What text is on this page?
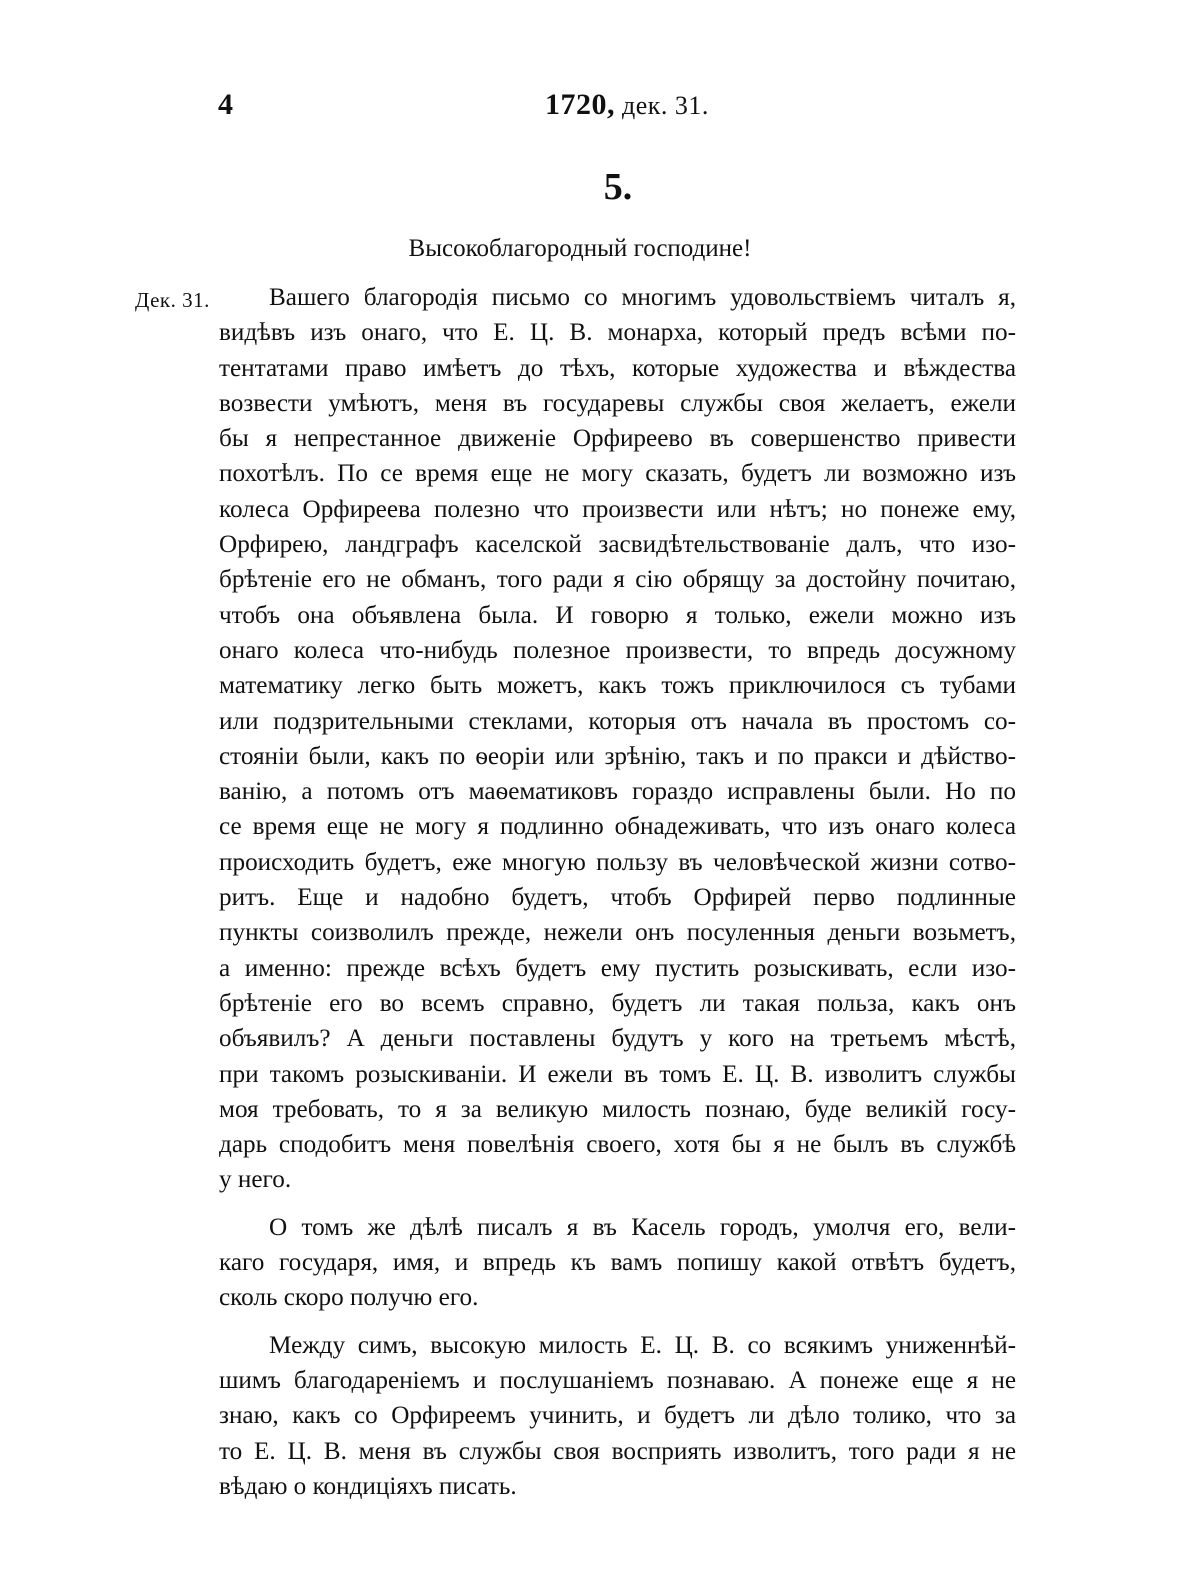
4	1720, дек. 31.
5.
Высокоблагородный господине!
Дек. 31.	Вашего благородія письмо со многимъ удовольствіемъ читалъ я,
видѣвъ изъ онаго, что Е. Ц. В. монарха, который предъ всѣми по-
тентатами право имѣетъ до тѣхъ, которые художества и вѣждества
возвести умѣютъ, меня въ государевы службы своя желаетъ, ежели
бы я непрестанное движеніе Орфиреево въ совершенство привести
похотѣлъ. По се время еще не могу сказать, будетъ ли возможно изъ
колеса Орфиреева полезно что произвести или нѣтъ; но понеже ему,
Орфирею, ландграфъ каселской засвидѣтельствованіе далъ, что изо-
брѣтеніе его не обманъ, того ради я сію обрящу за достойну почитаю,
чтобъ она объявлена была. И говорю я только, ежели можно изъ
онаго колеса что-нибудь полезное произвести, то впредь досужному
математику легко быть можетъ, какъ тожъ приключилося съ тубами
или подзрительными стеклами, которыя отъ начала въ простомъ со-
стояніи были, какъ по ѳеоріи или зрѣнію, такъ и по пракси и дѣйство-
ванію, а потомъ отъ маѳематиковъ гораздо исправлены были. Но по
се время еще не могу я подлинно обнадеживать, что изъ онаго колеса
происходить будетъ, еже многую пользу въ человѣческой жизни сотво-
ритъ. Еще и надобно будетъ, чтобъ Орфирей перво подлинные
пункты соизволилъ прежде, нежели онъ посуленныя деньги возьметъ,
а именно: прежде всѣхъ будетъ ему пустить розыскивать, если изо-
брѣтеніе его во всемъ справно, будетъ ли такая польза, какъ онъ
объявилъ? А деньги поставлены будутъ у кого на третьемъ мѣстѣ,
при такомъ розыскиваніи. И ежели въ томъ Е. Ц. В. изволитъ службы
моя требовать, то я за великую милость познаю, буде великій госу-
дарь сподобитъ меня повелѣнія своего, хотя бы я не былъ въ службѣ
у него.
О томъ же дѣлѣ писалъ я въ Касель городъ, умолчя его, вели-
каго государя, имя, и впредь къ вамъ попишу какой отвѣтъ будетъ,
сколь скоро получю его.
Между симъ, высокую милость Е. Ц. В. со всякимъ униженнѣй-
шимъ благодареніемъ и послушаніемъ познаваю. А понеже еще я не
знаю, какъ со Орфиреемъ учинить, и будетъ ли дѣло толико, что за
то Е. Ц. В. меня въ службы своя восприять изволитъ, того ради я не
вѣдаю о кондиціяхъ писать.
